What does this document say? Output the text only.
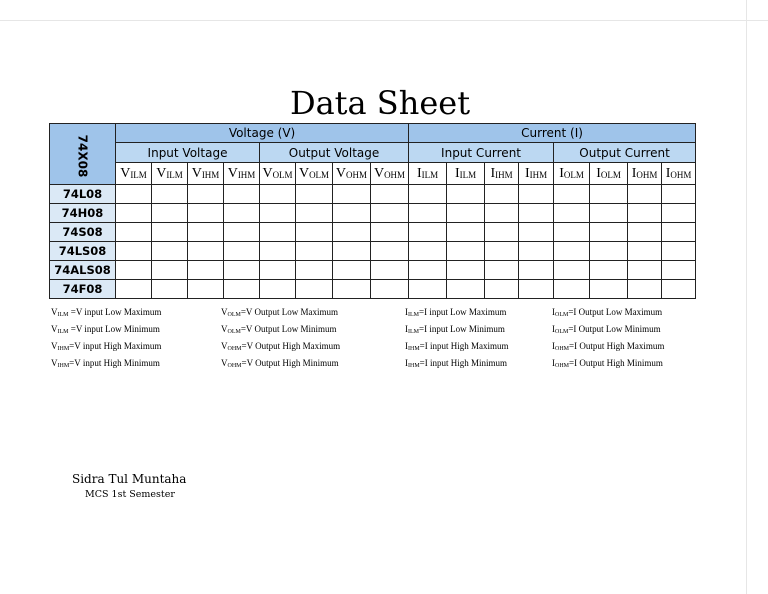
Data Sheet
74X08	Voltage (V)								Current (I)							
	Input Voltage				Output Voltage				Input Current				Output Current			
	$V_{ILM}$	$V_{ILM}$	$V_{IHM}$	$V_{IHM}$	$V_{OLM}$	$V_{OLM}$	$V_{OHM}$	$V_{OHM}$	$I_{ILM}$	$I_{ILM}$	$I_{IHM}$	$I_{IHM}$	$I_{OLM}$	$I_{OLM}$	$I_{OHM}$	$I_{OHM}$
74L08																
74H08																
74S08																
74LS08																
74ALS08																
74F08																
$V_{ILM} =V$ input Low Maximum
$V_{ILM} =V$ input Low Minimum
$V_{IHM}=V$ input High Maximum
$V_{IHM}=V$ input High Minimum
$V_{OLM}=V$ Output Low Maximum
$V_{OLM}=V$ Output Low Minimum
$V_{OHM}=V$ Output High Maximum
$V_{OHM}=V$ Output High Minimum
$I_{ILM}=I$ input Low Maximum
$I_{ILM}=I$ input Low Minimum
$I_{IHM}=I$ input High Maximum
$I_{IHM}=I$ input High Minimum
$I_{OLM}=I$ Output Low Maximum
$I_{OLM}=I$ Output Low Minimum
$I_{OHM}=I$ Output High Maximum
$I_{OHM}=I$ Output High Minimum
Sidra Tul Muntaha
MCS 1st Semester
